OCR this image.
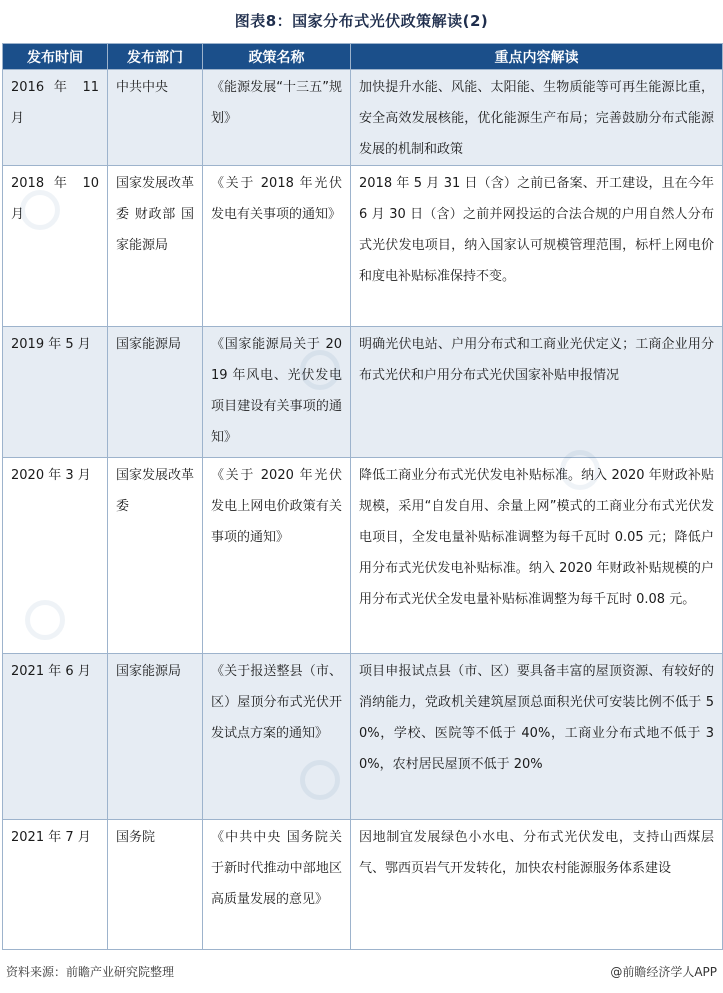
图表8：国家分布式光伏政策解读(2)
发布时间	发布部门	政策名称	重点内容解读
2016 年 11 月	中共中央	《能源发展“十三五”规划》	加快提升水能、风能、太阳能、生物质能等可再生能源比重，安全高效发展核能，优化能源生产布局；完善鼓励分布式能源发展的机制和政策
2018 年 10 月	国家发展改革委 财政部 国家能源局	《关于 2018 年光伏发电有关事项的通知》	2018 年 5 月 31 日（含）之前已备案、开工建设，且在今年 6 月 30 日（含）之前并网投运的合法合规的户用自然人分布式光伏发电项目，纳入国家认可规模管理范围，标杆上网电价和度电补贴标准保持不变。
2019 年 5 月	国家能源局	《国家能源局关于 2019 年风电、光伏发电项目建设有关事项的通知》	明确光伏电站、户用分布式和工商业光伏定义；工商企业用分布式光伏和户用分布式光伏国家补贴申报情况
2020 年 3 月	国家发展改革委	《关于 2020 年光伏发电上网电价政策有关事项的通知》	降低工商业分布式光伏发电补贴标准。纳入 2020 年财政补贴规模，采用“自发自用、余量上网”模式的工商业分布式光伏发电项目，全发电量补贴标准调整为每千瓦时 0.05 元；降低户用分布式光伏发电补贴标准。纳入 2020 年财政补贴规模的户用分布式光伏全发电量补贴标准调整为每千瓦时 0.08 元。
2021 年 6 月	国家能源局	《关于报送整县（市、区）屋顶分布式光伏开发试点方案的通知》	项目申报试点县（市、区）要具备丰富的屋顶资源、有较好的消纳能力，党政机关建筑屋顶总面积光伏可安装比例不低于 50%，学校、医院等不低于 40%，工商业分布式地不低于 30%，农村居民屋顶不低于 20%
2021 年 7 月	国务院	《中共中央 国务院关于新时代推动中部地区高质量发展的意见》	因地制宜发展绿色小水电、分布式光伏发电，支持山西煤层气、鄂西页岩气开发转化，加快农村能源服务体系建设
资料来源：前瞻产业研究院整理	@前瞻经济学人APP
